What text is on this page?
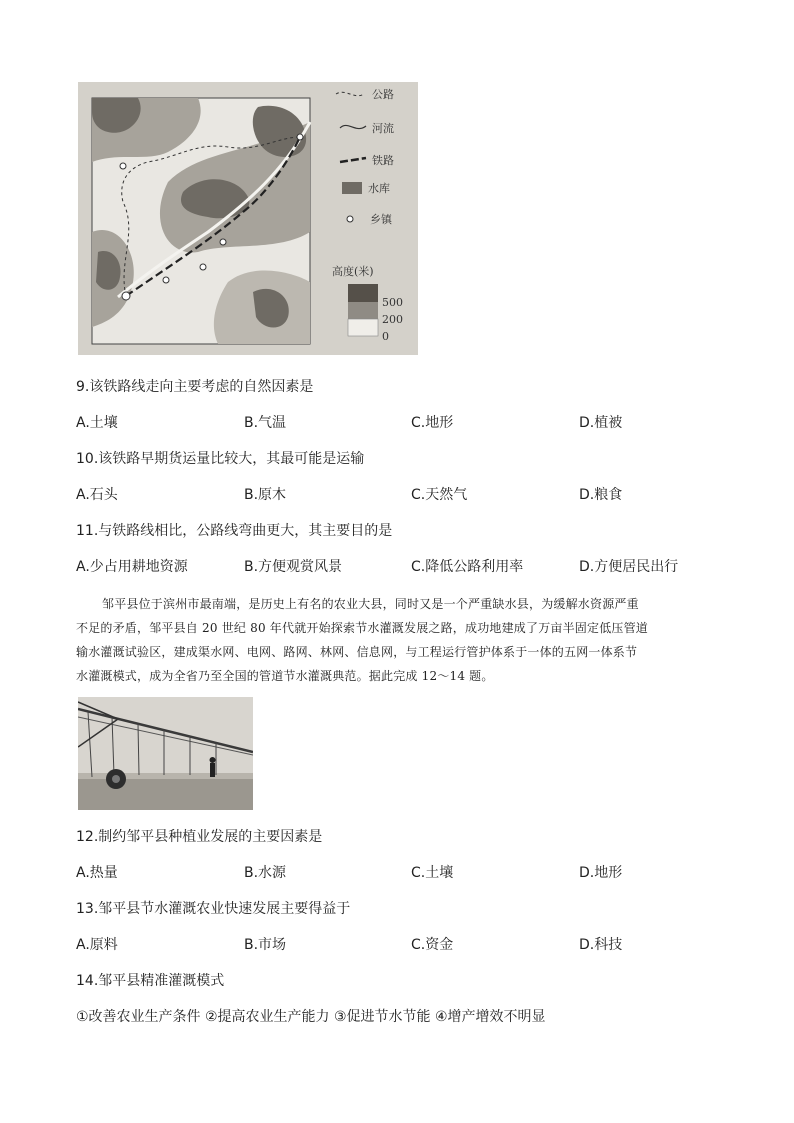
公路
河流
铁路
水库
乡镇
高度(米)
500
200
0
9.该铁路线走向主要考虑的自然因素是
A.土壤	B.气温	C.地形	D.植被
10.该铁路早期货运量比较大，其最可能是运输
A.石头	B.原木	C.天然气	D.粮食
11.与铁路线相比，公路线弯曲更大，其主要目的是
A.少占用耕地资源	B.方便观赏风景	C.降低公路利用率	D.方便居民出行
邹平县位于滨州市最南端，是历史上有名的农业大县，同时又是一个严重缺水县，为缓解水资源严重
不足的矛盾，邹平县自 20 世纪 80 年代就开始探索节水灌溉发展之路，成功地建成了万亩半固定低压管道
输水灌溉试验区，建成渠水网、电网、路网、林网、信息网，与工程运行管护体系于一体的五网一体系节
水灌溉模式，成为全省乃至全国的管道节水灌溉典范。据此完成 12～14 题。
12.制约邹平县种植业发展的主要因素是
A.热量	B.水源	C.土壤	D.地形
13.邹平县节水灌溉农业快速发展主要得益于
A.原料	B.市场	C.资金	D.科技
14.邹平县精准灌溉模式
①改善农业生产条件 ②提高农业生产能力 ③促进节水节能 ④增产增效不明显
